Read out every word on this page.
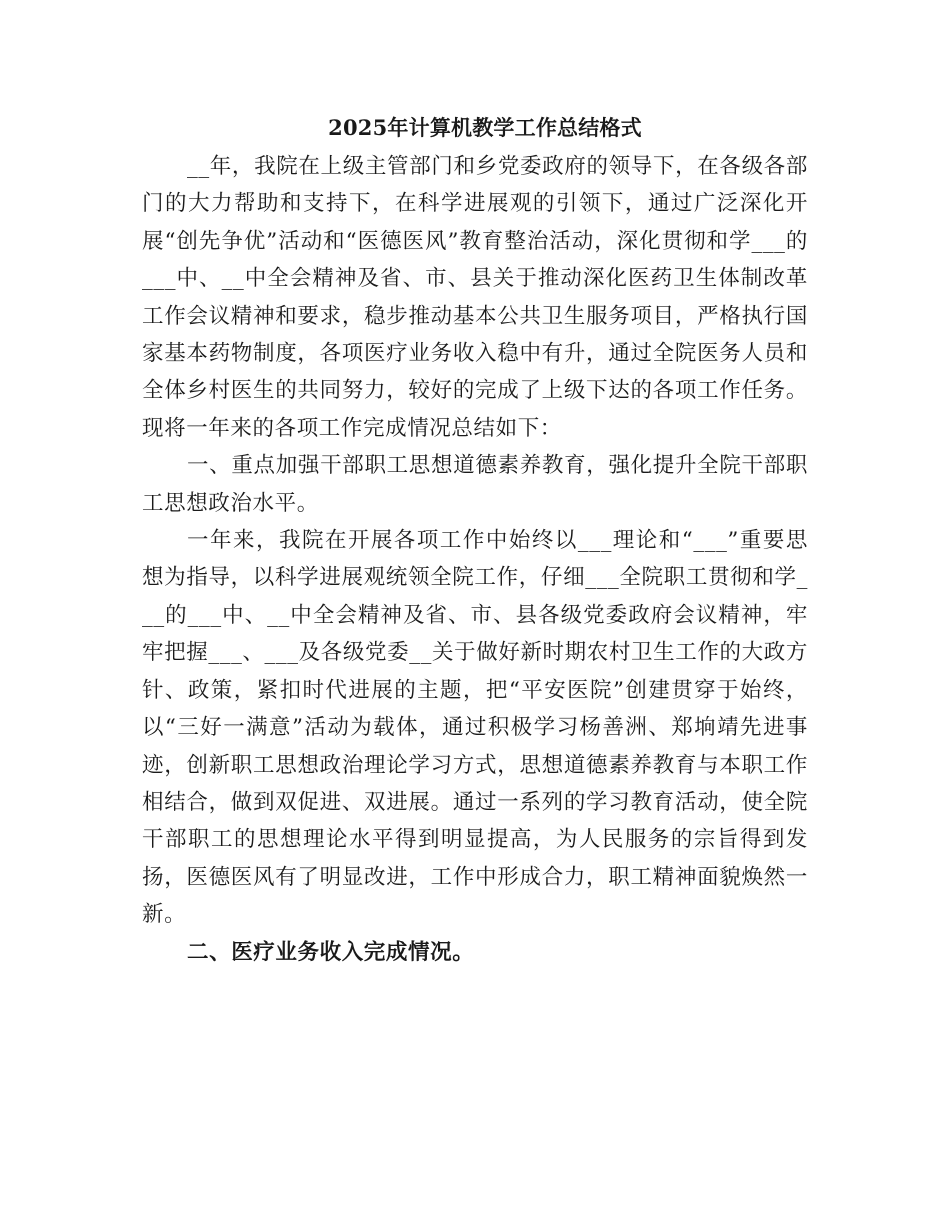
2025年计算机教学工作总结格式

__年，我院在上级主管部门和乡党委政府的领导下，在各级各部门的大力帮助和支持下，在科学进展观的引领下，通过广泛深化开展“创先争优”活动和“医德医风”教育整治活动，深化贯彻和学___的___中、__中全会精神及省、市、县关于推动深化医药卫生体制改革工作会议精神和要求，稳步推动基本公共卫生服务项目，严格执行国家基本药物制度，各项医疗业务收入稳中有升，通过全院医务人员和全体乡村医生的共同努力，较好的完成了上级下达的各项工作任务。现将一年来的各项工作完成情况总结如下：

一、重点加强干部职工思想道德素养教育，强化提升全院干部职工思想政治水平。

一年来，我院在开展各项工作中始终以___理论和“___”重要思想为指导，以科学进展观统领全院工作，仔细___全院职工贯彻和学___的___中、__中全会精神及省、市、县各级党委政府会议精神，牢牢把握___、___及各级党委__关于做好新时期农村卫生工作的大政方针、政策，紧扣时代进展的主题，把“平安医院”创建贯穿于始终，以“三好一满意”活动为载体，通过积极学习杨善洲、郑垧靖先进事迹，创新职工思想政治理论学习方式，思想道德素养教育与本职工作相结合，做到双促进、双进展。通过一系列的学习教育活动，使全院干部职工的思想理论水平得到明显提高，为人民服务的宗旨得到发扬，医德医风有了明显改进，工作中形成合力，职工精神面貌焕然一新。

二、医疗业务收入完成情况。
